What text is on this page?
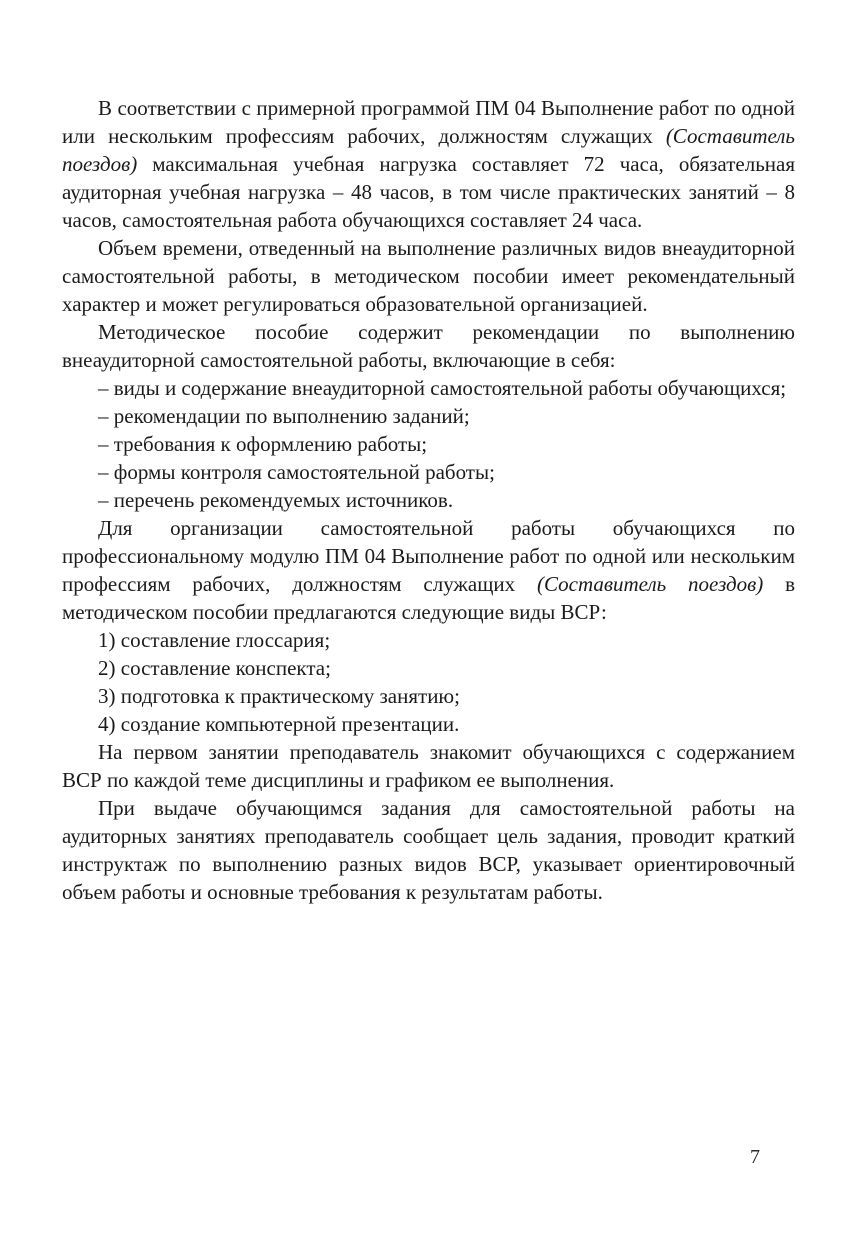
В соответствии с примерной программой ПМ 04 Выполнение работ по одной или нескольким профессиям рабочих, должностям служащих (Составитель поездов) максимальная учебная нагрузка составляет 72 часа, обязательная аудиторная учебная нагрузка – 48 часов, в том числе практических занятий – 8 часов, самостоятельная работа обучающихся составляет 24 часа.

Объем времени, отведенный на выполнение различных видов внеаудиторной самостоятельной работы, в методическом пособии имеет рекомендательный характер и может регулироваться образовательной организацией.

Методическое пособие содержит рекомендации по выполнению внеаудиторной самостоятельной работы, включающие в себя:

– виды и содержание внеаудиторной самостоятельной работы обучающихся;
– рекомендации по выполнению заданий;
– требования к оформлению работы;
– формы контроля самостоятельной работы;
– перечень рекомендуемых источников.

Для организации самостоятельной работы обучающихся по профессиональному модулю ПМ 04 Выполнение работ по одной или нескольким профессиям рабочих, должностям служащих (Составитель поездов) в методическом пособии предлагаются следующие виды ВСР:

1) составление глоссария;
2) составление конспекта;
3) подготовка к практическому занятию;
4) создание компьютерной презентации.

На первом занятии преподаватель знакомит обучающихся с содержанием ВСР по каждой теме дисциплины и графиком ее выполнения.

При выдаче обучающимся задания для самостоятельной работы на аудиторных занятиях преподаватель сообщает цель задания, проводит краткий инструктаж по выполнению разных видов ВСР, указывает ориентировочный объем работы и основные требования к результатам работы.

7
